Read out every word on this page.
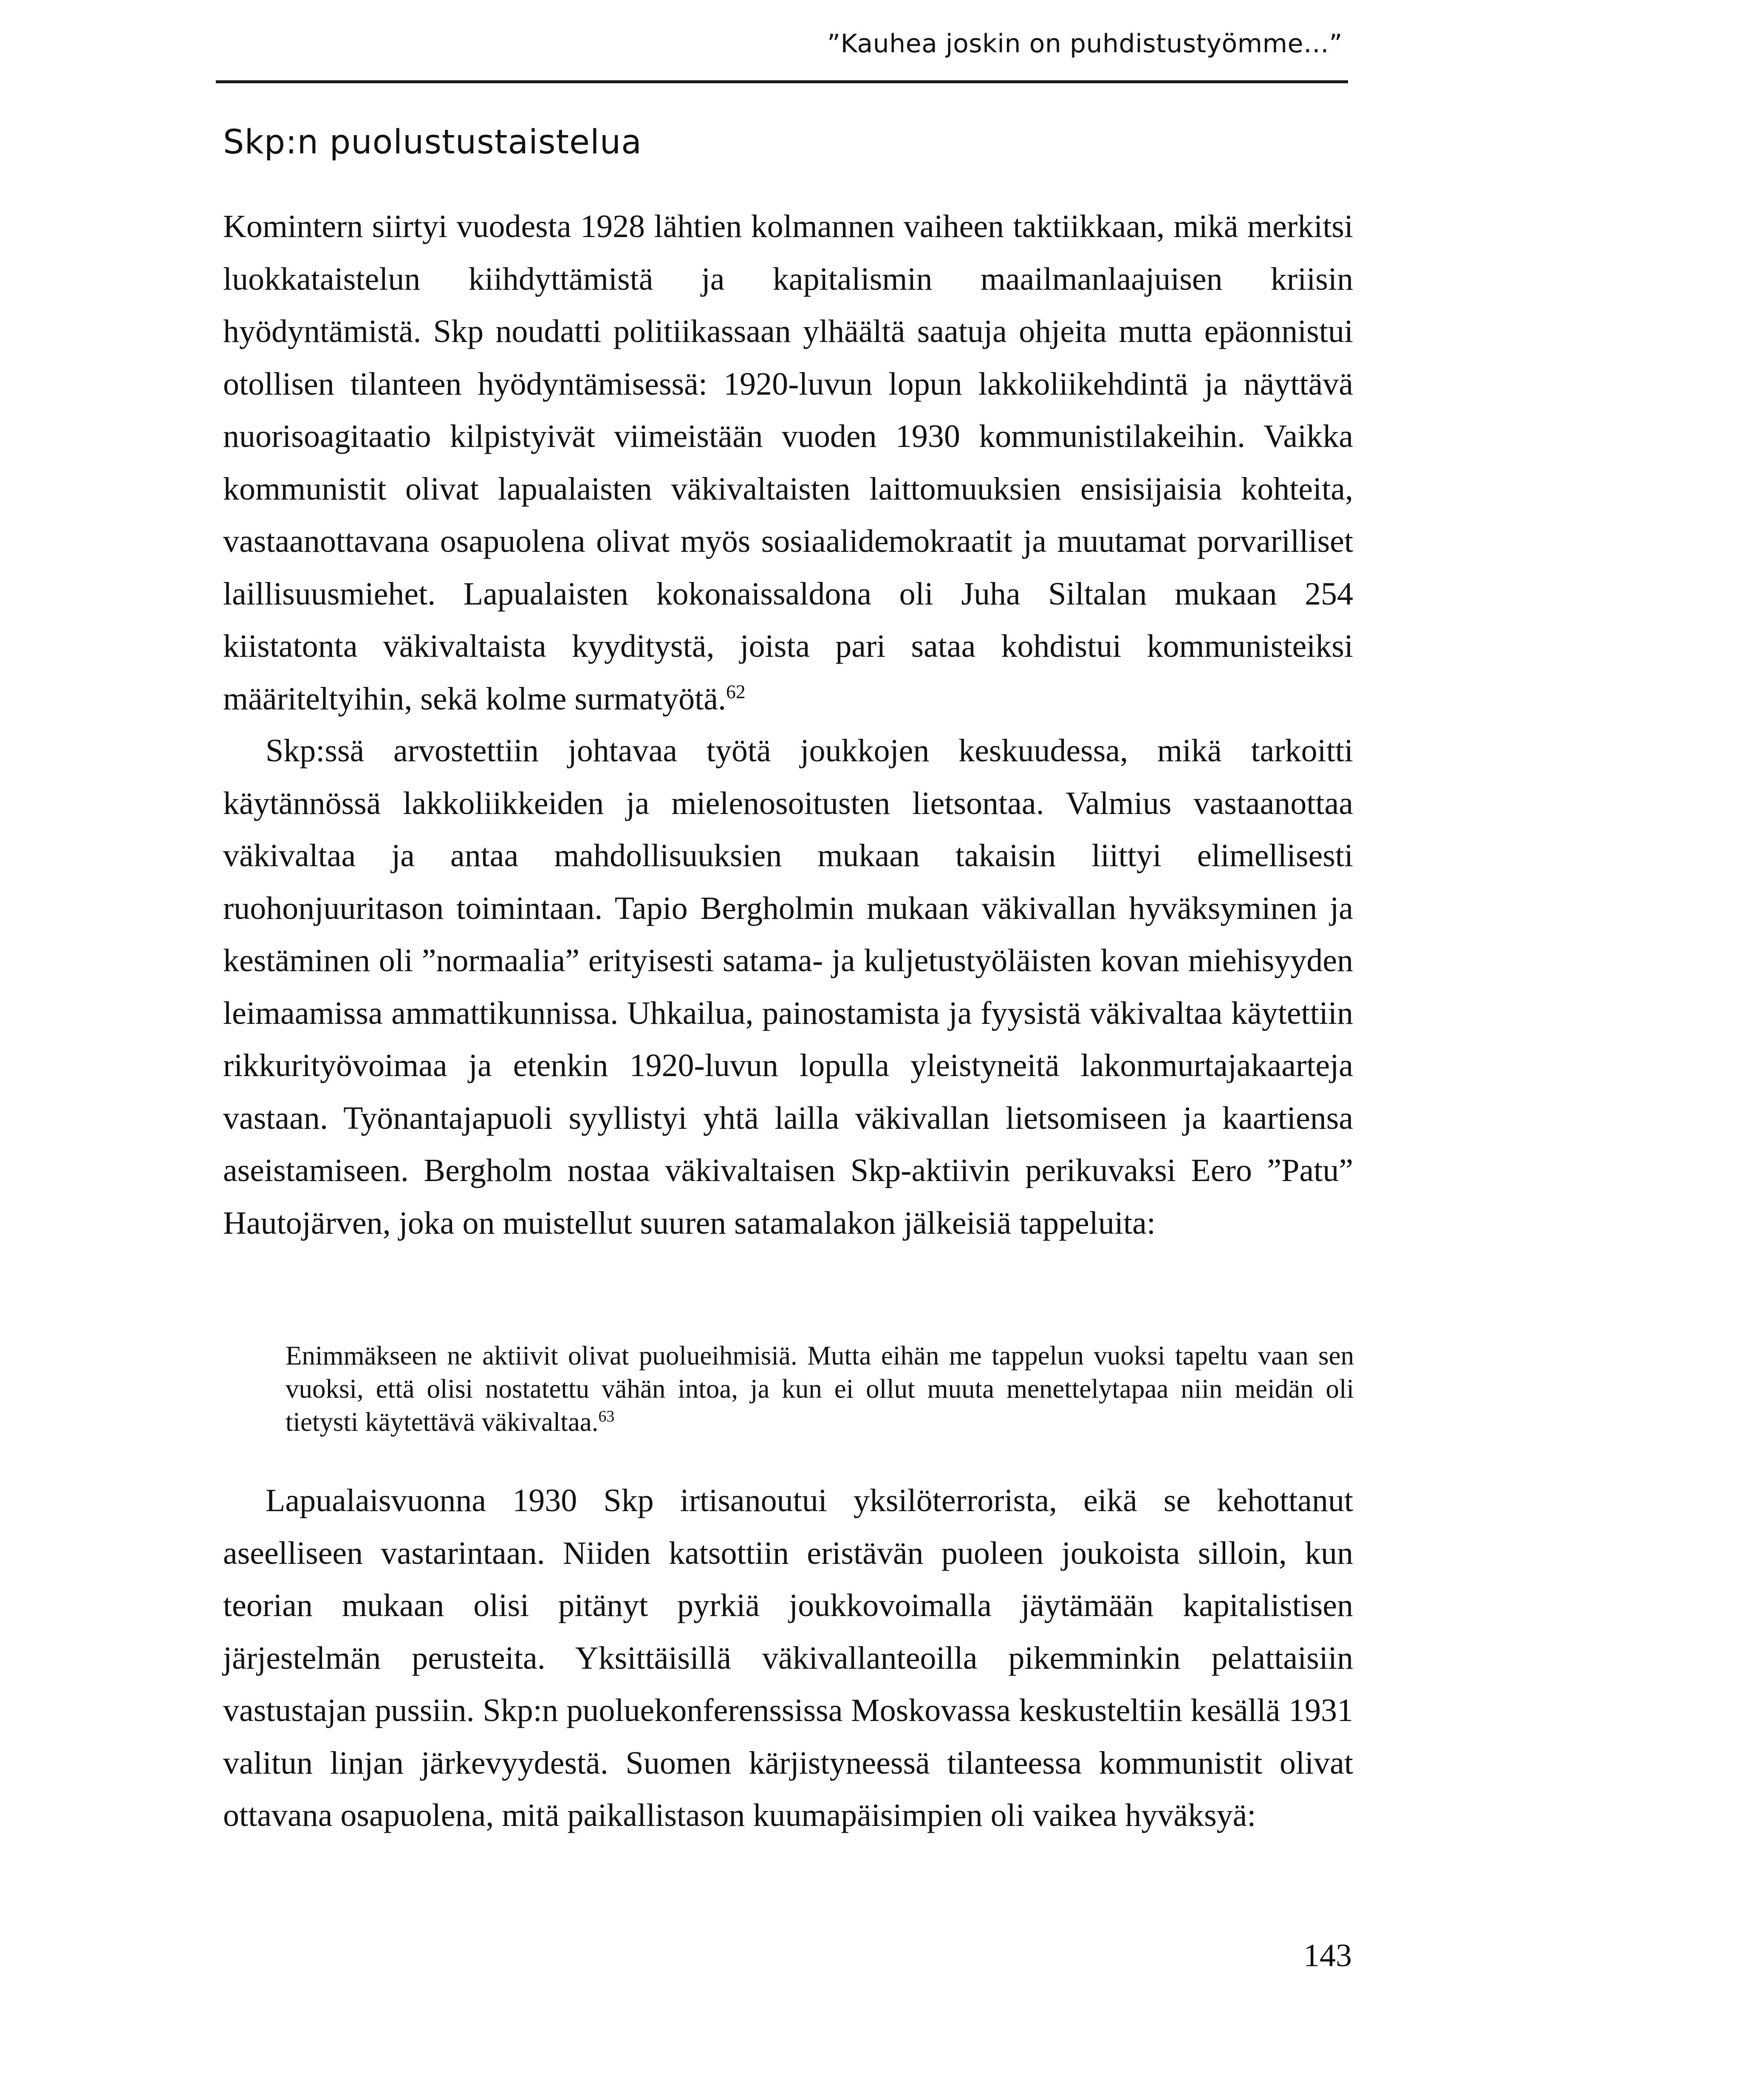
”Kauhea joskin on puhdistustyömme…”
Skp:n puolustustaistelua

Komintern siirtyi vuodesta 1928 lähtien kolmannen vaiheen taktiikkaan, mikä merkitsi luokkataistelun kiihdyttämistä ja kapitalismin maailmanlaajuisen kriisin hyödyntämistä. Skp noudatti politiikassaan ylhäältä saatuja ohjeita mutta epäonnistui otollisen tilanteen hyödyntämisessä: 1920-luvun lopun lakkoliikehdintä ja näyttävä nuorisoagitaatio kilpistyivät viimeistään vuoden 1930 kommunistilakeihin. Vaikka kommunistit olivat lapualaisten väkivaltaisten laittomuuksien ensisijaisia kohteita, vastaanottavana osapuolena olivat myös sosiaalidemokraatit ja muutamat porvarilliset laillisuusmiehet. Lapualaisten kokonaissaldona oli Juha Siltalan mukaan 254 kiistatonta väkivaltaista kyyditystä, joista pari sataa kohdistui kommunisteiksi määriteltyihin, sekä kolme surmatyötä.$^{62}$

Skp:ssä arvostettiin johtavaa työtä joukkojen keskuudessa, mikä tarkoitti käytännössä lakkoliikkeiden ja mielenosoitusten lietsontaa. Valmius vastaanottaa väkivaltaa ja antaa mahdollisuuksien mukaan takaisin liittyi elimellisesti ruohonjuuritason toimintaan. Tapio Bergholmin mukaan väkivallan hyväksyminen ja kestäminen oli ”normaalia” erityisesti satama- ja kuljetustyöläisten kovan miehisyyden leimaamissa ammattikunnissa. Uhkailua, painostamista ja fyysistä väkivaltaa käytettiin rikkurityövoimaa ja etenkin 1920-luvun lopulla yleistyneitä lakonmurtajakaarteja vastaan. Työnantajapuoli syyllistyi yhtä lailla väkivallan lietsomiseen ja kaartiensa aseistamiseen. Bergholm nostaa väkivaltaisen Skp-aktiivin perikuvaksi Eero ”Patu” Hautojärven, joka on muistellut suuren satamalakon jälkeisiä tappeluita:

Enimmäkseen ne aktiivit olivat puolueihmisiä. Mutta eihän me tappelun vuoksi tapeltu vaan sen vuoksi, että olisi nostatettu vähän intoa, ja kun ei ollut muuta menettelytapaa niin meidän oli tietysti käytettävä väkivaltaa.$^{63}$

Lapualaisvuonna 1930 Skp irtisanoutui yksilöterrorista, eikä se kehottanut aseelliseen vastarintaan. Niiden katsottiin eristävän puoleen joukoista silloin, kun teorian mukaan olisi pitänyt pyrkiä joukkovoimalla jäytämään kapitalistisen järjestelmän perusteita. Yksittäisillä väkivallanteoilla pikemminkin pelattaisiin vastustajan pussiin. Skp:n puoluekonferenssissa Moskovassa keskusteltiin kesällä 1931 valitun linjan järkevyydestä. Suomen kärjistyneessä tilanteessa kommunistit olivat ottavana osapuolena, mitä paikallistason kuumapäisimpien oli vaikea hyväksyä:

143
